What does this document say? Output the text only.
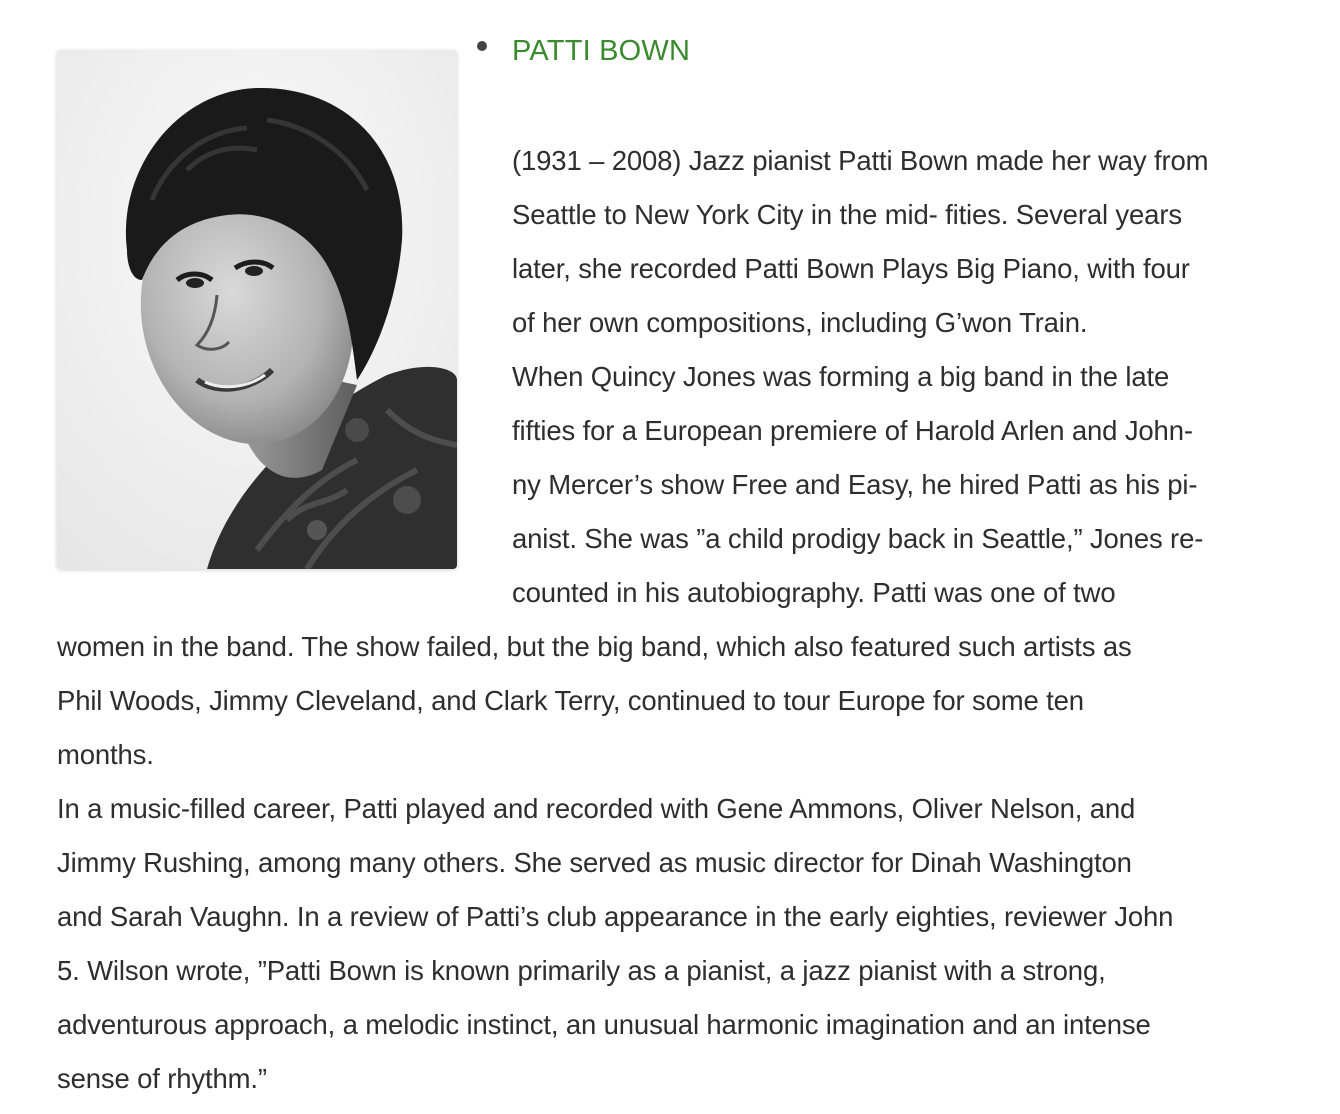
PATTI BOWN
(1931 – 2008) Jazz pianist Patti Bown made her way from
Seattle to New York City in the mid- fities. Several years
later, she recorded Patti Bown Plays Big Piano, with four
of her own compositions, including G’won Train.
When Quincy Jones was forming a big band in the late
fifties for a European premiere of Harold Arlen and John-
ny Mercer’s show Free and Easy, he hired Patti as his pi-
anist. She was ”a child prodigy back in Seattle,” Jones re-
counted in his autobiography. Patti was one of two
women in the band. The show failed, but the big band, which also featured such artists as
Phil Woods, Jimmy Cleveland, and Clark Terry, continued to tour Europe for some ten
months.
In a music-filled career, Patti played and recorded with Gene Ammons, Oliver Nelson, and
Jimmy Rushing, among many others. She served as music director for Dinah Washington
and Sarah Vaughn. In a review of Patti’s club appearance in the early eighties, reviewer John
5. Wilson wrote, ”Patti Bown is known primarily as a pianist, a jazz pianist with a strong,
adventurous approach, a melodic instinct, an unusual harmonic imagination and an intense
sense of rhythm.”
